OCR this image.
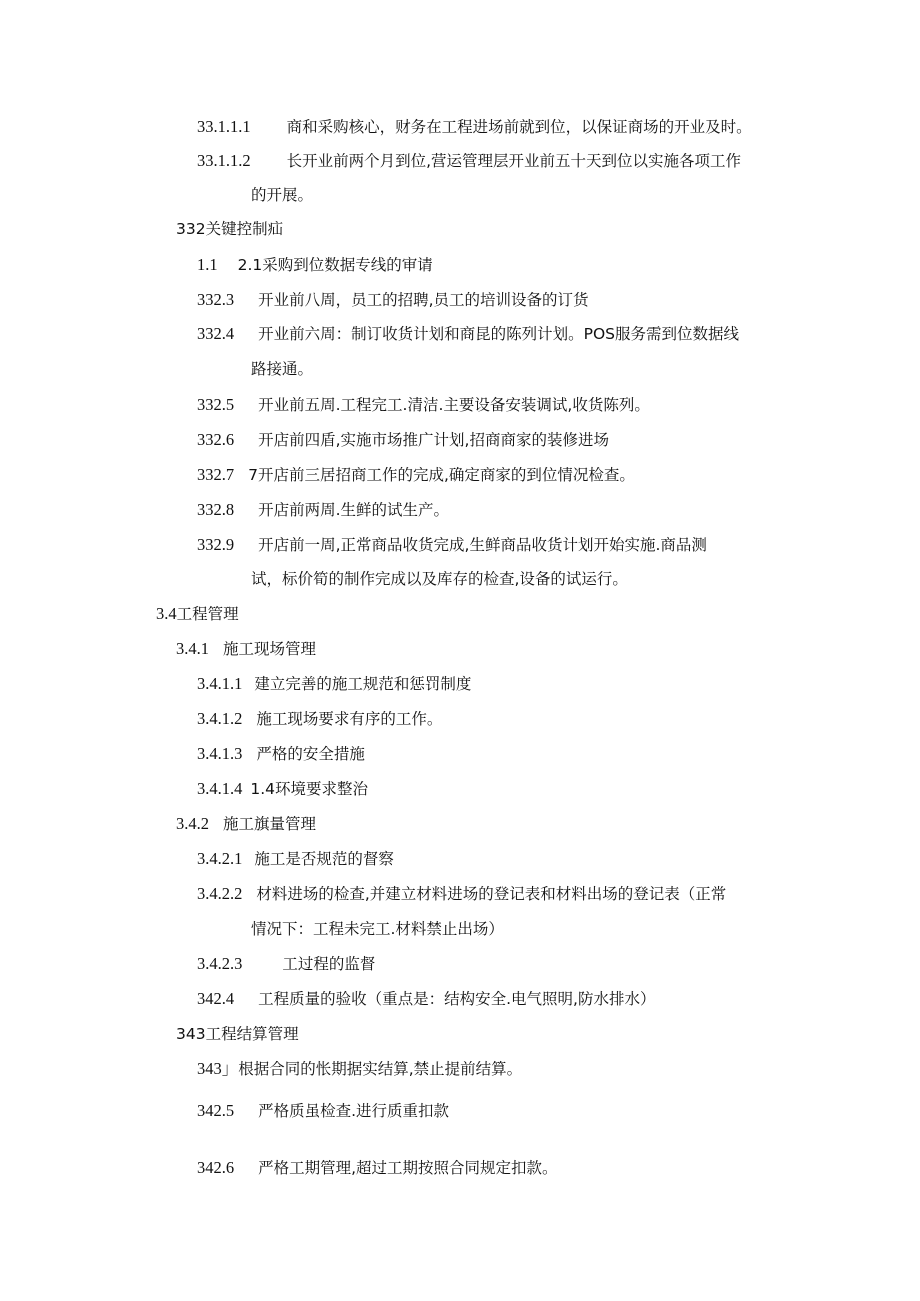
33.1.1.1 商和采购核心，财务在工程进场前就到位，以保证商场的开业及时。
33.1.1.2 长开业前两个月到位,营运管理层开业前五十天到位以实施各项工作
的开展。
332关键控制疝
1.1 2.1采购到位数据专线的审请
332.3 开业前八周，员工的招聘,员工的培训设备的订货
332.4 开业前六周：制订收货计划和商昆的陈列计划。POS服务需到位数据线
路接通。
332.5 开业前五周.工程完工.清洁.主要设备安装调试,收货陈列。
332.6 开店前四盾,实施市场推广计划,招商商家的装修进场
332.7 7开店前三居招商工作的完成,确定商家的到位情况检查。
332.8 开店前两周.生鲜的试生产。
332.9 开店前一周,正常商品收货完成,生鲜商品收货计划开始实施.商品测
试，标价筍的制作完成以及库存的检查,设备的试运行。
3.4工程管理
3.4.1 施工现场管理
3.4.1.1 建立完善的施工规范和惩罚制度
3.4.1.2 施工现场要求有序的工作。
3.4.1.3 严格的安全措施
3.4.1.4 1.4环境要求整治
3.4.2 施工旗量管理
3.4.2.1 施工是否规范的督察
3.4.2.2 材料进场的检查,并建立材料进场的登记表和材料出场的登记表（正常
情况下：工程未完工.材料禁止出场）
3.4.2.3	工过程的监督
342.4 工程质量的验收（重点是：结构安全.电气照明,防水排水）
343工程结算管理
343」根据合同的怅期据实结算,禁止提前结算。
342.5 严格质虽检查.进行质重扣款
342.6 严格工期管理,超过工期按照合同规定扣款。
